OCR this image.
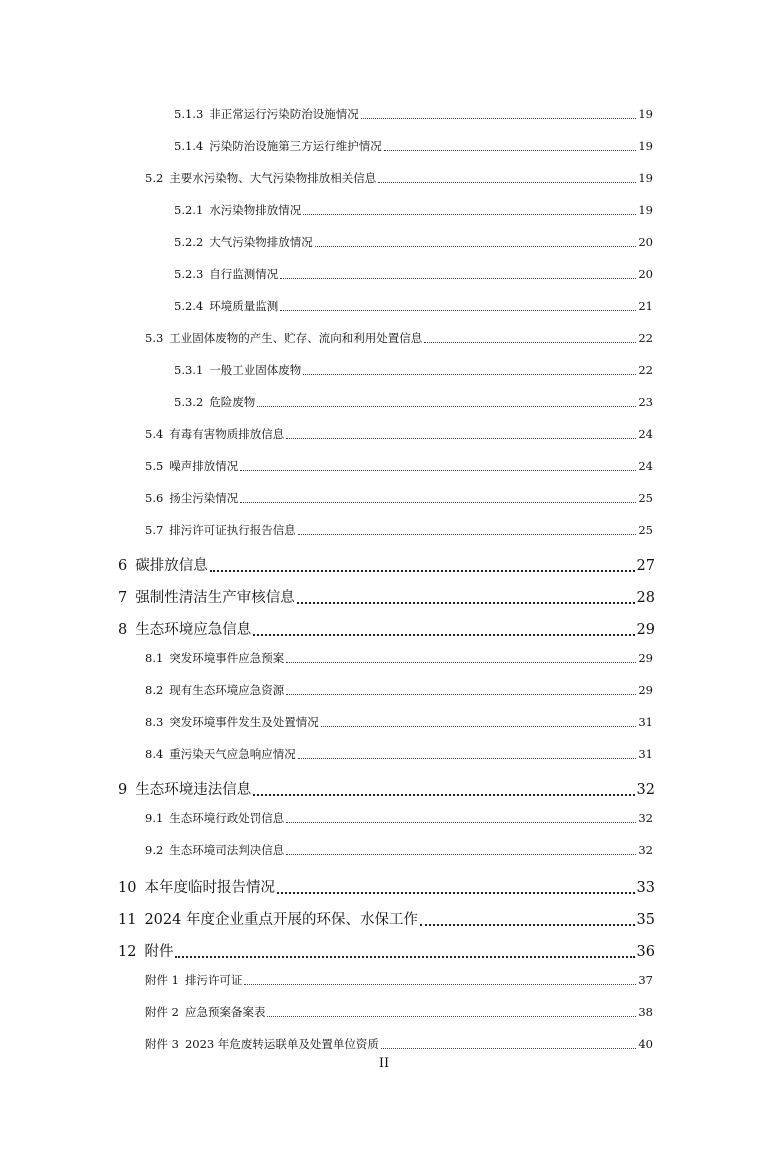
5.1.3 非正常运行污染防治设施情况	19
5.1.4 污染防治设施第三方运行维护情况	19
5.2 主要水污染物、大气污染物排放相关信息	19
5.2.1 水污染物排放情况	19
5.2.2 大气污染物排放情况	20
5.2.3 自行监测情况	20
5.2.4 环境质量监测	21
5.3 工业固体废物的产生、贮存、流向和利用处置信息	22
5.3.1 一般工业固体废物	22
5.3.2 危险废物	23
5.4 有毒有害物质排放信息	24
5.5 噪声排放情况	24
5.6 扬尘污染情况	25
5.7 排污许可证执行报告信息	25
6 碳排放信息	27
7 强制性清洁生产审核信息	28
8 生态环境应急信息	29
8.1 突发环境事件应急预案	29
8.2 现有生态环境应急资源	29
8.3 突发环境事件发生及处置情况	31
8.4 重污染天气应急响应情况	31
9 生态环境违法信息	32
9.1 生态环境行政处罚信息	32
9.2 生态环境司法判决信息	32
10 本年度临时报告情况	33
11 2024 年度企业重点开展的环保、水保工作	35
12 附件	36
附件 1 排污许可证	37
附件 2 应急预案备案表	38
附件 3 2023 年危废转运联单及处置单位资质	40
II
